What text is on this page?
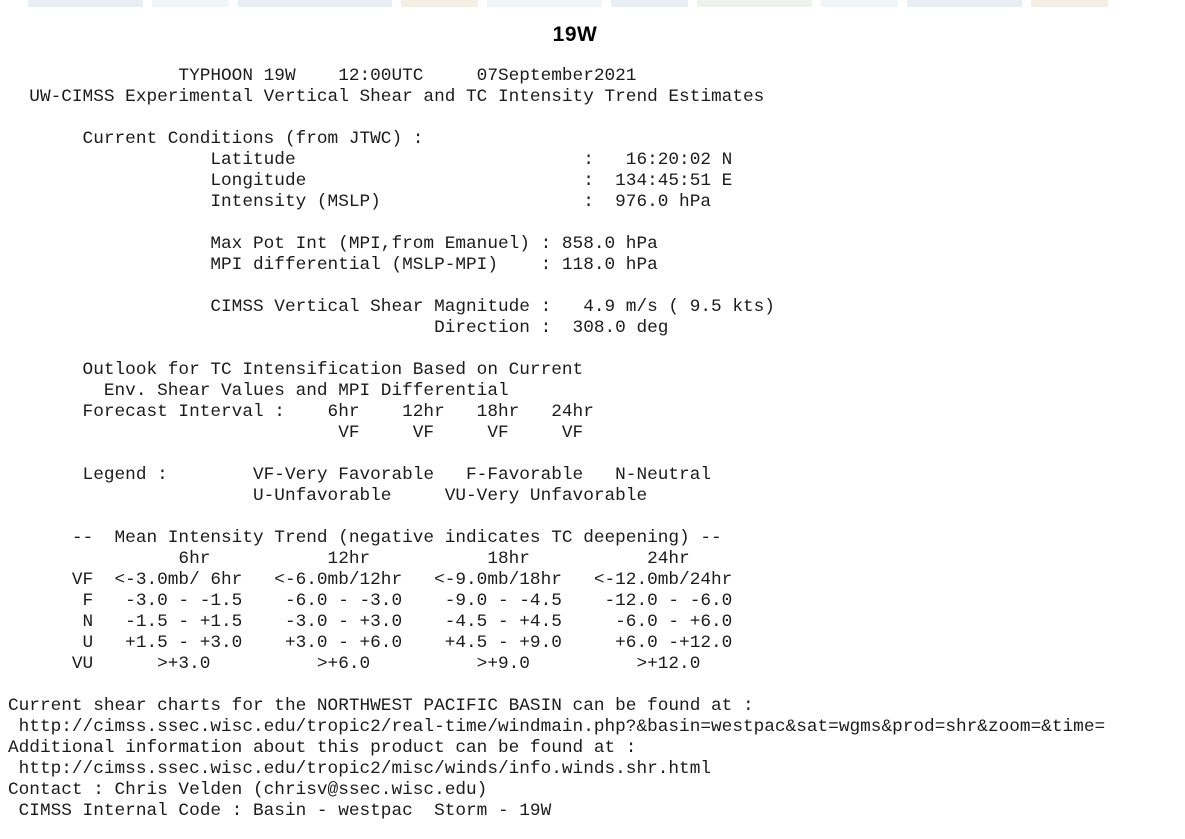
19W
TYPHOON 19W    12:00UTC     07September2021
UW-CIMSS Experimental Vertical Shear and TC Intensity Trend Estimates
Current Conditions (from JTWC) :
Latitude                           :   16:20:02 N
Longitude                          :  134:45:51 E
Intensity (MSLP)                   :  976.0 hPa
Max Pot Int (MPI,from Emanuel) : 858.0 hPa
MPI differential (MSLP-MPI)    : 118.0 hPa
CIMSS Vertical Shear Magnitude :   4.9 m/s ( 9.5 kts)
Direction :  308.0 deg
Outlook for TC Intensification Based on Current
Env. Shear Values and MPI Differential
Forecast Interval :    6hr    12hr   18hr   24hr
VF     VF     VF     VF
Legend :        VF-Very Favorable   F-Favorable   N-Neutral
U-Unfavorable     VU-Very Unfavorable
--  Mean Intensity Trend (negative indicates TC deepening) --
6hr           12hr           18hr           24hr
VF  <-3.0mb/ 6hr   <-6.0mb/12hr   <-9.0mb/18hr   <-12.0mb/24hr
F   -3.0 - -1.5    -6.0 - -3.0    -9.0 - -4.5    -12.0 - -6.0
N   -1.5 - +1.5    -3.0 - +3.0    -4.5 - +4.5     -6.0 - +6.0
U   +1.5 - +3.0    +3.0 - +6.0    +4.5 - +9.0     +6.0 -+12.0
VU      >+3.0          >+6.0          >+9.0          >+12.0
Current shear charts for the NORTHWEST PACIFIC BASIN can be found at :
http://cimss.ssec.wisc.edu/tropic2/real-time/windmain.php?&basin=westpac&sat=wgms&prod=shr&zoom=&time=
Additional information about this product can be found at :
http://cimss.ssec.wisc.edu/tropic2/misc/winds/info.winds.shr.html
Contact : Chris Velden (chrisv@ssec.wisc.edu)
CIMSS Internal Code : Basin - westpac  Storm - 19W
